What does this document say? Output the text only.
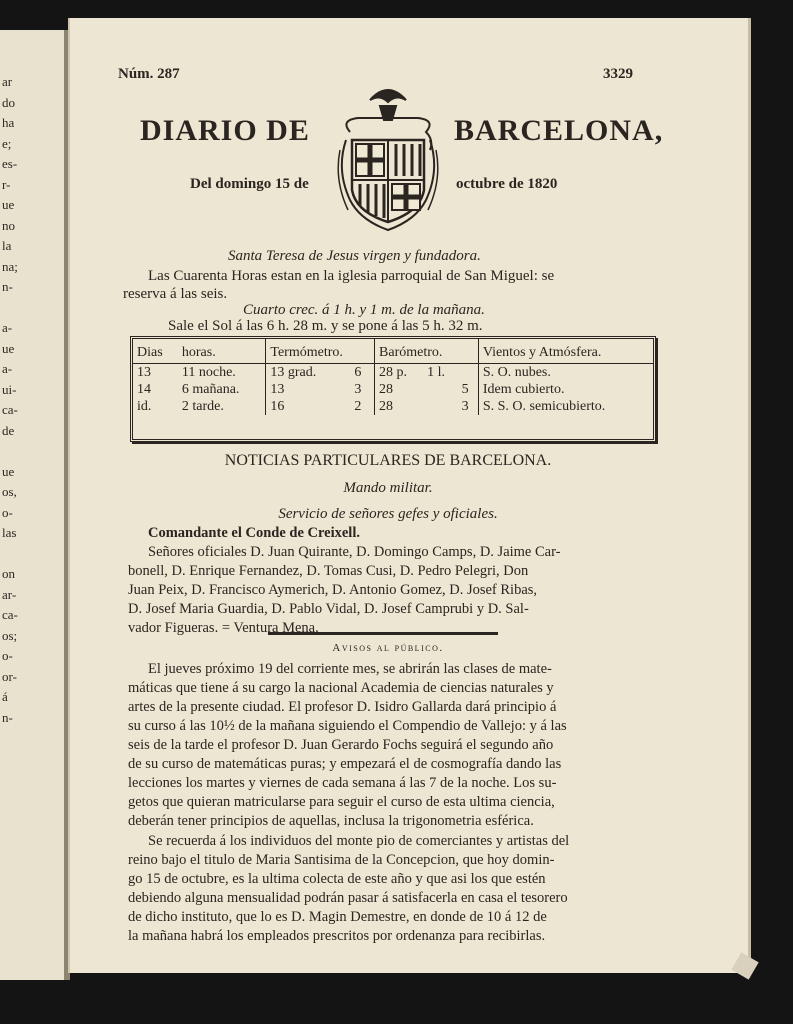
ar
do
ha
e;
es-
r-
ue
no
la
na;
n-

a-
ue
a-
ui-
ca-
de

ue
os,
o-
las

on
ar-
ca-
os;
o-
or-
á
n-
Núm. 287	3329
DIARIO DE	BARCELONA,
Del domingo 15 de	octubre de 1820
Santa Teresa de Jesus virgen y fundadora.
Las Cuarenta Horas estan en la iglesia parroquial de San Miguel: se
reserva á las seis.
Cuarto crec. á 1 h. y 1 m. de la mañana.
Sale el Sol á las 6 h. 28 m. y se pone á las 5 h. 32 m.
Dias	horas.	Termómetro.		Barómetro.			Vientos y Atmósfera.
13	11 noche.	13 grad.	6	28 p.	1 l.		S. O. nubes.
14	6 mañana.	13	3	28		5	Idem cubierto.
id.	2 tarde.	16	2	28		3	S. S. O. semicubierto.
NOTICIAS PARTICULARES DE BARCELONA.
Mando militar.
Servicio de señores gefes y oficiales.

Comandante el Conde de Creixell.

Señores oficiales D. Juan Quirante, D. Domingo Camps, D. Jaime Car-

bonell, D. Enrique Fernandez, D. Tomas Cusi, D. Pedro Pelegri, Don

Juan Peix, D. Francisco Aymerich, D. Antonio Gomez, D. Josef Ribas,

D. Josef Maria Guardia, D. Pablo Vidal, D. Josef Camprubi y D. Sal-

vador Figueras. = Ventura Mena.

Avisos al público.

El jueves próximo 19 del corriente mes, se abrirán las clases de mate-

máticas que tiene á su cargo la nacional Academia de ciencias naturales y

artes de la presente ciudad. El profesor D. Isidro Gallarda dará principio á

su curso á las 10½ de la mañana siguiendo el Compendio de Vallejo: y á las

seis de la tarde el profesor D. Juan Gerardo Fochs seguirá el segundo año

de su curso de matemáticas puras; y empezará el de cosmografía dando las

lecciones los martes y viernes de cada semana á las 7 de la noche. Los su-

getos que quieran matricularse para seguir el curso de esta ultima ciencia,

deberán tener principios de aquellas, inclusa la trigonometria esférica.

Se recuerda á los individuos del monte pio de comerciantes y artistas del

reino bajo el titulo de Maria Santisima de la Concepcion, que hoy domin-

go 15 de octubre, es la ultima colecta de este año y que asi los que estén

debiendo alguna mensualidad podrán pasar á satisfacerla en casa el tesorero

de dicho instituto, que lo es D. Magin Demestre, en donde de 10 á 12 de

la mañana habrá los empleados prescritos por ordenanza para recibirlas.
